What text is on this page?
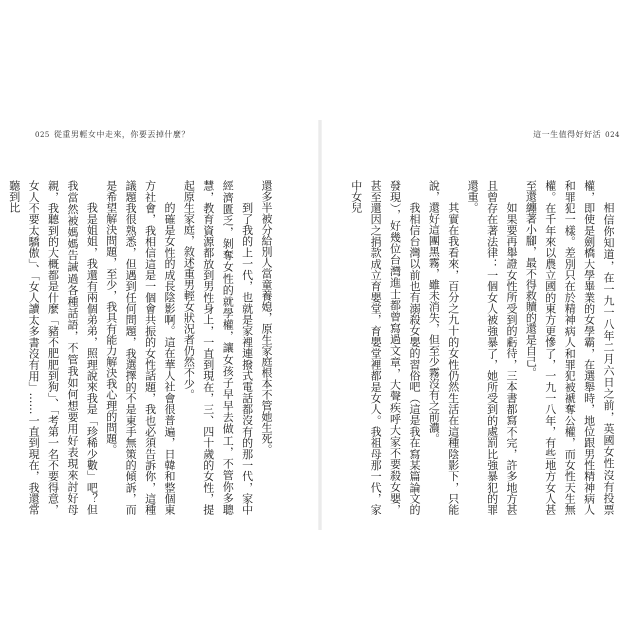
025 從重男輕女中走來，你要丟掉什麼？

還多半被分給別人當童養媳，原生家庭根本不管她生死。

到了我的上一代，也就是家裡連撥式電話都沒有的那一代，家中經濟匱乏，剝奪女性的就學權，讓女孩子早早去做工，不管你多聰慧，教育資源都放到男性身上，一直到現在，三、四十歲的女性，提起原生家庭，敘述重男輕女狀況者仍然不少。

的確是女性的成長陰影啊。這在華人社會很普遍，日韓和整個東方社會，我相信這是一個會共振的女性話題，我也必須告訴你，這種議題我很熟悉，但遇到任何問題，我選擇的不是東手無策的傾訴，而是希望解決問題，至少，我具有能力解決我心理的問題。

我是姐姐，我還有兩個弟弟，照理說來我是「珍稀少數」吧？但我當然被媽媽告誡過各種話語，不管我如何想要用好表現來討好母親，我聽到的大概都是什麼「豬不肥肥到狗」、「考第一名不要得意，女人不要太驕傲」、「女人讀太多書沒有用」……一直到現在，我還常聽到比

這一生值得好好活 024

相信你知道，在一九一八年二月六日之前，英國女性沒有投票權，即使是劍橋大學畢業的女學霸，在選舉時，地位跟男性精神病人和罪犯一樣。差別只在於精神病人和罪犯被褫奪公權，而女性天生無權。在千年來以農立國的東方更慘了，一九一八年，有些地方女人甚至還纏著小腳，最不得救贖的還是自己。

如果要再舉證女性所受到的虧待，三本書都寫不完，許多地方甚且曾存在著法律：一個女人被強暴了，她所受到的處罰比強暴犯的罪還重。

其實在我看來，百分之九十的女性仍然生活在這種陰影下，只能說，還好這團黑霧，雖未消失，但至少霧沒有之前濃。

我相信台灣以前也有溺殺女嬰的習俗吧（這是我在寫某篇論文的發現），好幾位台灣進士都曾寫過文章，大聲疾呼大家不要殺女嬰，甚至還因之捐款成立育嬰堂，育嬰堂裡都是女人。我祖母那一代，家中女兒
